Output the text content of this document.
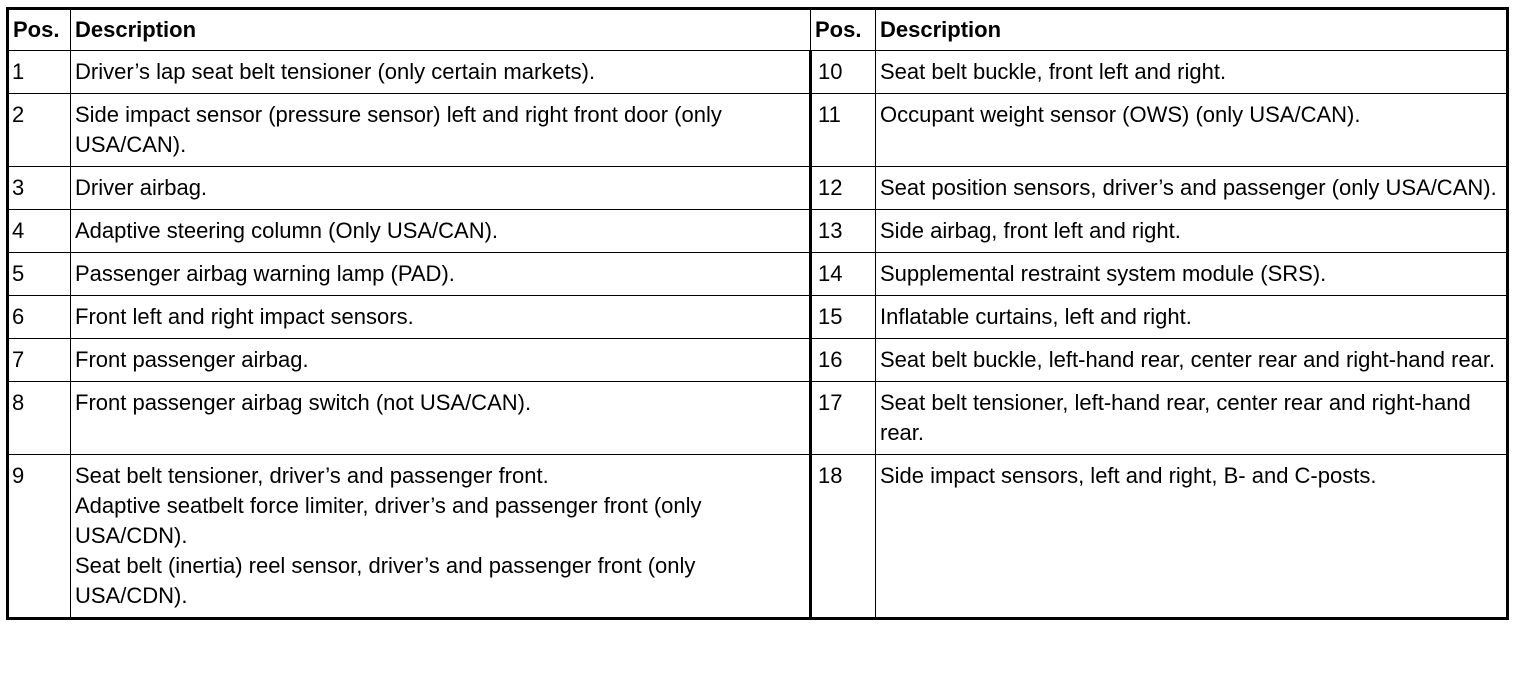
Pos.	Description	Pos.	Description
1	Driver’s lap seat belt tensioner (only certain markets).	10	Seat belt buckle, front left and right.

2	Side impact sensor (pressure sensor) left and right front door (only USA/CAN).	11	Occupant weight sensor (OWS) (only USA/CAN).

3	Driver airbag.	12	Seat position sensors, driver’s and passenger (only USA/CAN).

4	Adaptive steering column (Only USA/CAN).	13	Side airbag, front left and right.

5	Passenger airbag warning lamp (PAD).	14	Supplemental restraint system module (SRS).

6	Front left and right impact sensors.	15	Inflatable curtains, left and right.

7	Front passenger airbag.	16	Seat belt buckle, left-hand rear, center rear and right-hand rear.

8	Front passenger airbag switch (not USA/CAN).	17	Seat belt tensioner, left-hand rear, center rear and right-hand rear.

9	Seat belt tensioner, driver’s and passenger front.
Adaptive seatbelt force limiter, driver’s and passenger front (only USA/CDN).
Seat belt (inertia) reel sensor, driver’s and passenger front (only USA/CDN).	18	Side impact sensors, left and right, B- and C-posts.
